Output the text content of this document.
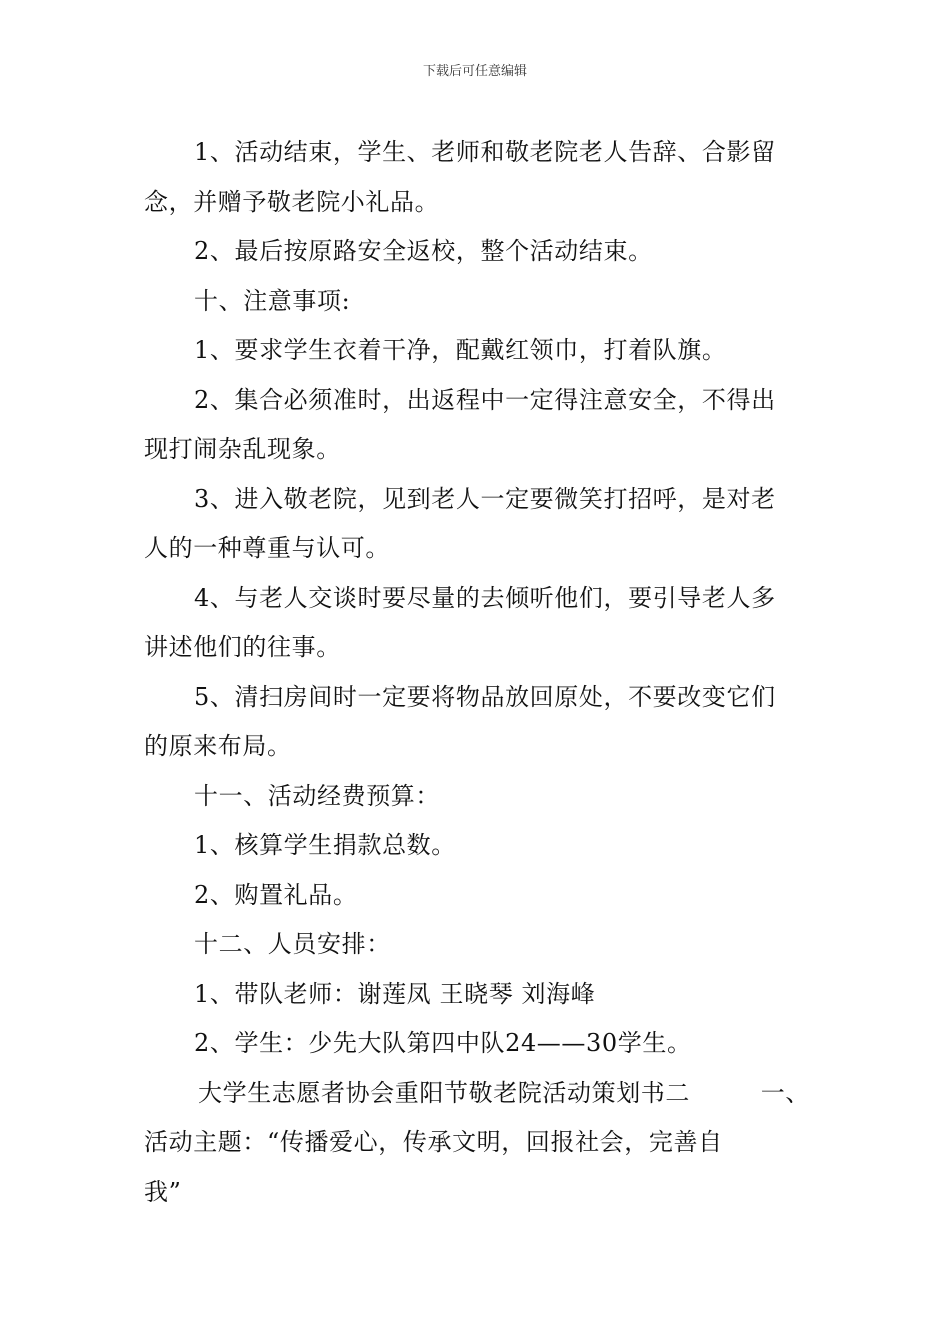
下载后可任意编辑
1、活动结束，学生、老师和敬老院老人告辞、合影留
念，并赠予敬老院小礼品。
2、最后按原路安全返校，整个活动结束。
十、注意事项:
1、要求学生衣着干净，配戴红领巾，打着队旗。
2、集合必须准时，出返程中一定得注意安全，不得出
现打闹杂乱现象。
3、进入敬老院，见到老人一定要微笑打招呼，是对老
人的一种尊重与认可。
4、与老人交谈时要尽量的去倾听他们，要引导老人多
讲述他们的往事。
5、清扫房间时一定要将物品放回原处，不要改变它们
的原来布局。
十一、活动经费预算：
1、核算学生捐款总数。
2、购置礼品。
十二、人员安排：
1、带队老师：谢莲凤 王晓琴 刘海峰
2、学生：少先大队第四中队24——30学生。
大学生志愿者协会重阳节敬老院活动策划书二	一、
活动主题：“传播爱心，传承文明，回报社会，完善自
我”
